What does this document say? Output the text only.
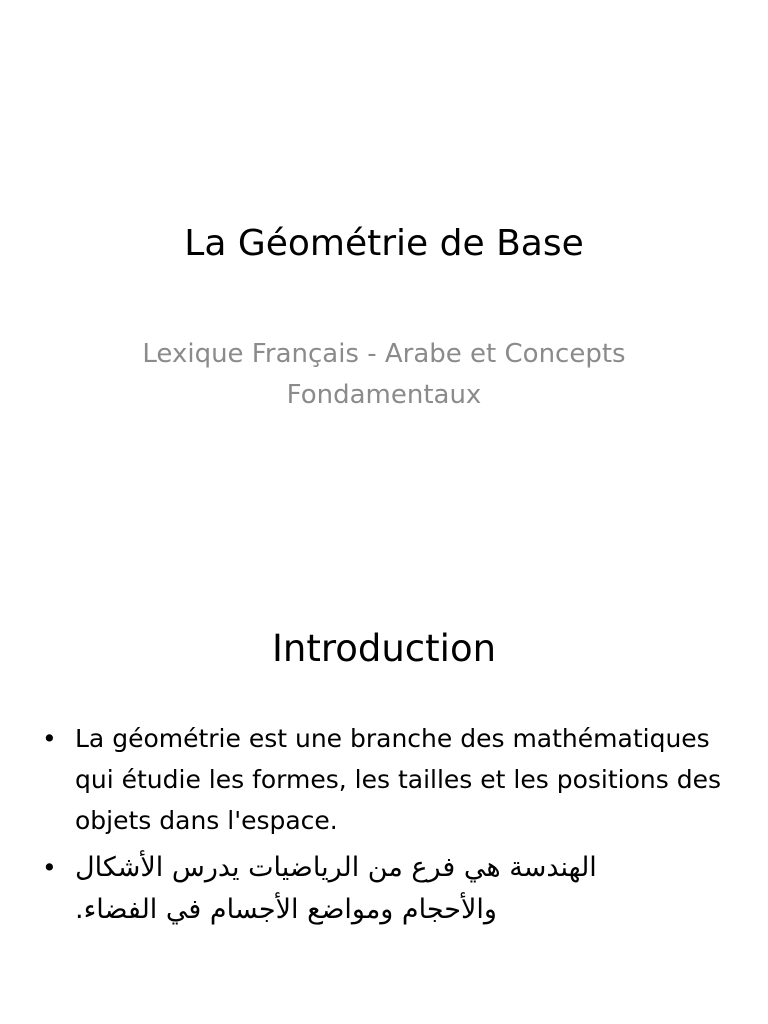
La Géométrie de Base

Lexique Français - Arabe et Concepts Fondamentaux

Introduction
• La géométrie est une branche des mathématiques qui étudie les formes, les tailles et les positions des objets dans l'espace.
• الهندسة هي فرع من الرياضيات يدرس الأشكال والأحجام ومواضع الأجسام في الفضاء.
